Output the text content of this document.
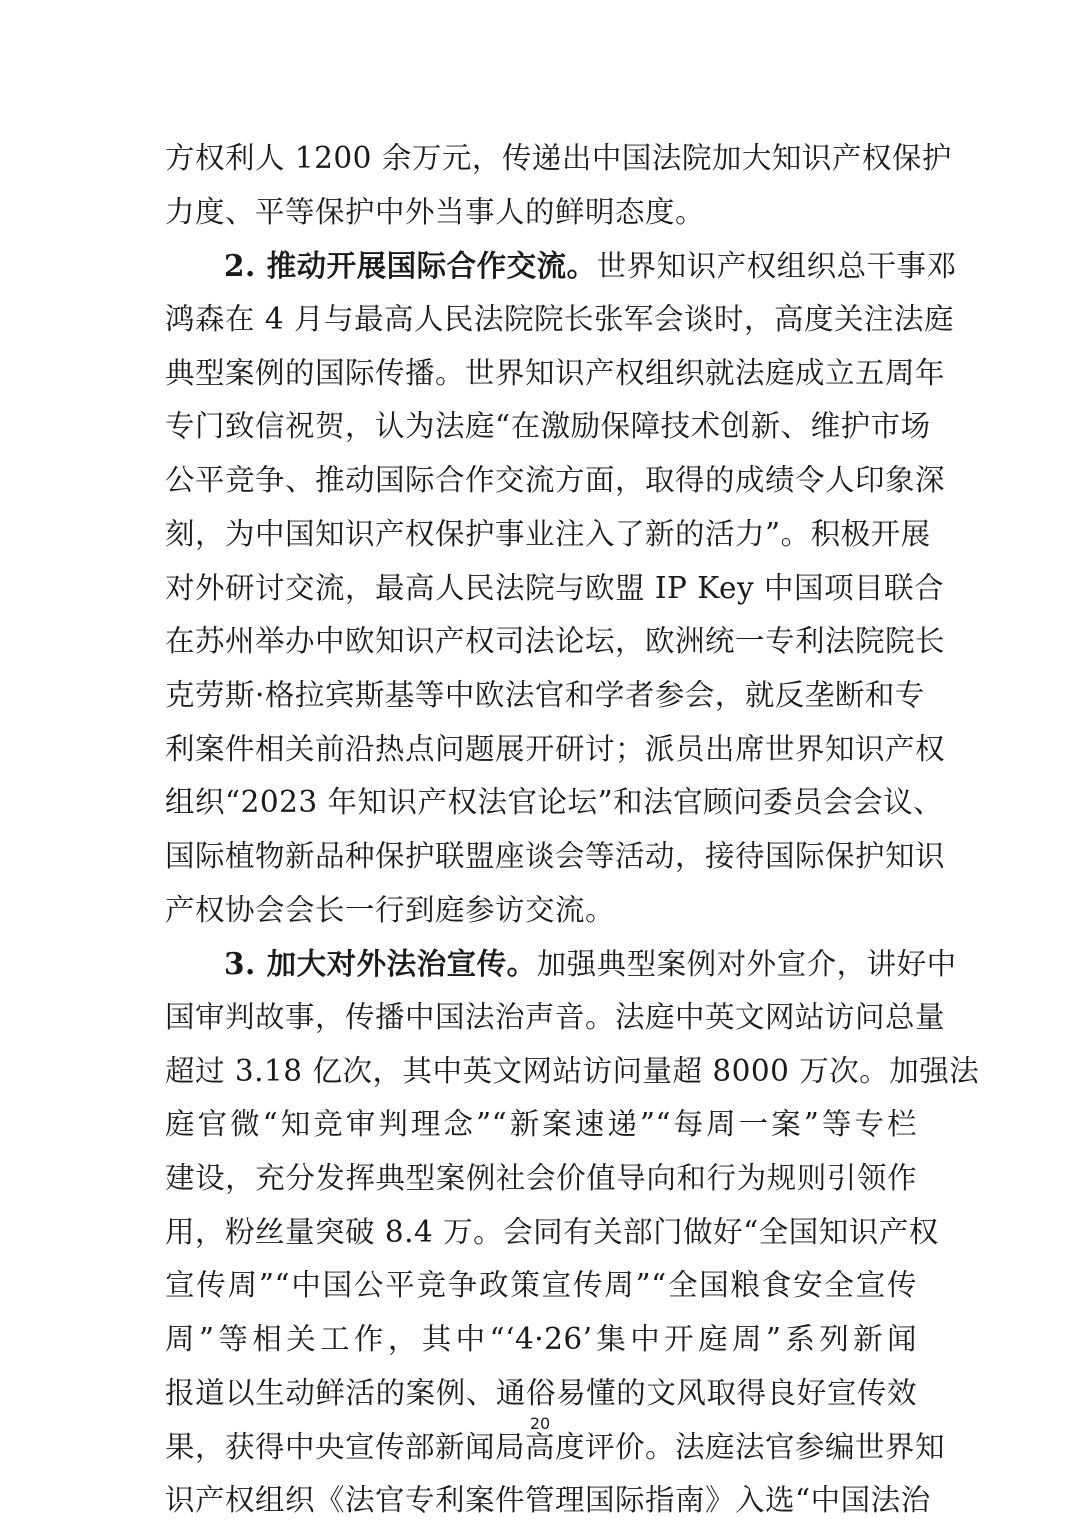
方权利人 1200 余万元，传递出中国法院加大知识产权保护
力度、平等保护中外当事人的鲜明态度。
2. 推动开展国际合作交流。世界知识产权组织总干事邓
鸿森在 4 月与最高人民法院院长张军会谈时，高度关注法庭
典型案例的国际传播。世界知识产权组织就法庭成立五周年
专门致信祝贺，认为法庭“在激励保障技术创新、维护市场
公平竞争、推动国际合作交流方面，取得的成绩令人印象深
刻，为中国知识产权保护事业注入了新的活力”。积极开展
对外研讨交流，最高人民法院与欧盟 IP Key 中国项目联合
在苏州举办中欧知识产权司法论坛，欧洲统一专利法院院长
克劳斯·格拉宾斯基等中欧法官和学者参会，就反垄断和专
利案件相关前沿热点问题展开研讨；派员出席世界知识产权
组织“2023 年知识产权法官论坛”和法官顾问委员会会议、
国际植物新品种保护联盟座谈会等活动，接待国际保护知识
产权协会会长一行到庭参访交流。
3. 加大对外法治宣传。加强典型案例对外宣介，讲好中
国审判故事，传播中国法治声音。法庭中英文网站访问总量
超过 3.18 亿次，其中英文网站访问量超 8000 万次。加强法
庭官微“知竞审判理念”“新案速递”“每周一案”等专栏
建设，充分发挥典型案例社会价值导向和行为规则引领作
用，粉丝量突破 8.4 万。会同有关部门做好“全国知识产权
宣传周”“中国公平竞争政策宣传周”“全国粮食安全宣传
周”等相关工作，其中“‘4·26’集中开庭周”系列新闻
报道以生动鲜活的案例、通俗易懂的文风取得良好宣传效
果，获得中央宣传部新闻局高度评价。法庭法官参编世界知
识产权组织《法官专利案件管理国际指南》入选“中国法治
20
